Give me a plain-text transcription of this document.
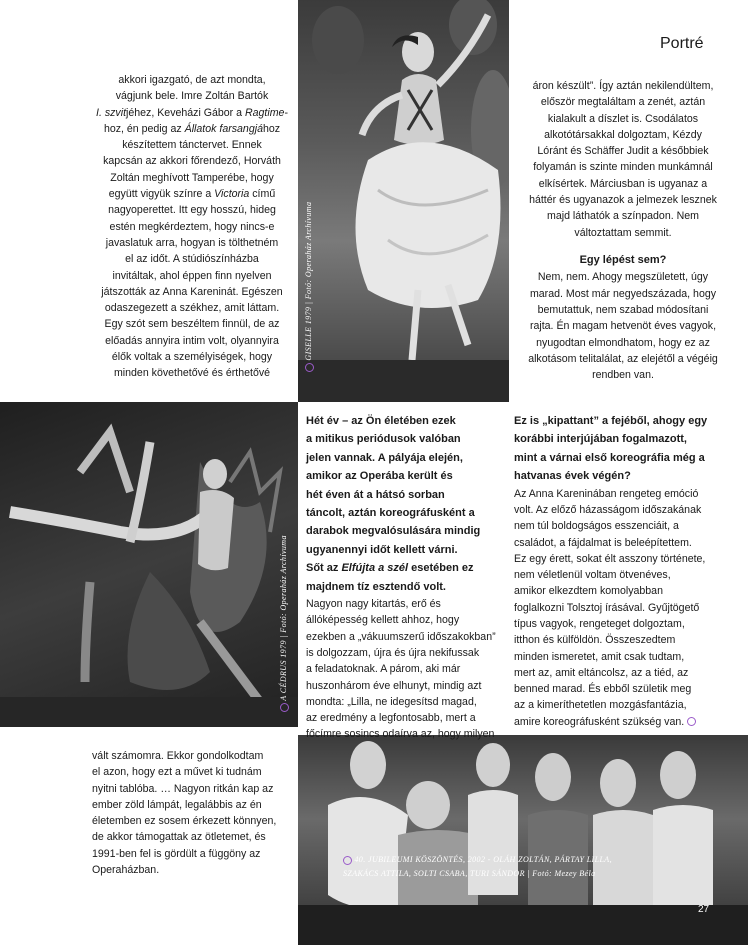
Portré
GISELLE 1979 | Fotó: Operaház Archívuma
A CÉDRUS 1979 | Fotó: Operaház Archívuma
40. JUBILEUMI KÖSZÖNTÉS, 2002 - OLÁH ZOLTÁN, PÁRTAY LILLA,
SZAKÁCS ATTILA, SOLTI CSABA, TURI SÁNDOR | Fotó: Mezey Béla
27

akkori igazgató, de azt mondta,

vágjunk bele. Imre Zoltán Bartók

I. szvitjéhez, Keveházi Gábor a Ragtime-

hoz, én pedig az Állatok farsangjához

készítettem tánctervet. Ennek

kapcsán az akkori főrendező, Horváth

Zoltán meghívott Tamperébe, hogy

együtt vigyük színre a Victoria című

nagyoperettet. Itt egy hosszú, hideg

estén megkérdeztem, hogy nincs-e

javaslatuk arra, hogyan is tölthetném

el az időt. A stúdiószínházba

invitáltak, ahol éppen finn nyelven

játszották az Anna Kareninát. Egészen

odaszegezett a székhez, amit láttam.

Egy szót sem beszéltem finnül, de az

előadás annyira intim volt, olyannyira

élők voltak a személyiségek, hogy

minden követhetővé és érthetővé

áron készült”. Így aztán nekilendültem,

először megtaláltam a zenét, aztán

kialakult a díszlet is. Csodálatos

alkotótársakkal dolgoztam, Kézdy

Lóránt és Schäffer Judit a későbbiek

folyamán is szinte minden munkámnál

elkísértek. Márciusban is ugyanaz a

háttér és ugyanazok a jelmezek lesznek

majd láthatók a színpadon. Nem

változtattam semmit.

Egy lépést sem?

Nem, nem. Ahogy megszületett, úgy

marad. Most már negyedszázada, hogy

bemutattuk, nem szabad módosítani

rajta. Én magam hetvenöt éves vagyok,

nyugodtan elmondhatom, hogy ez az

alkotásom telitalálat, az elejétől a végéig

rendben van.

Hét év – az Ön életében ezek

a mitikus periódusok valóban

jelen vannak. A pályája elején,

amikor az Operába került és

hét éven át a hátsó sorban

táncolt, aztán koreográfusként a

darabok megvalósulására mindig

ugyanennyi időt kellett várni.

Sőt az Elfújta a szél esetében ez

majdnem tíz esztendő volt.

Nagyon nagy kitartás, erő és

állóképesség kellett ahhoz, hogy

ezekben a „vákuumszerű időszakokban”

is dolgozzam, újra és újra nekifussak

a feladatoknak. A párom, aki már

huszonhárom éve elhunyt, mindig azt

mondta: „Lilla, ne idegesítsd magad,

az eredmény a legfontosabb, mert a

főcímre sosincs odaírva az, hogy milyen

Ez is „kipattant” a fejéből, ahogy egy

korábbi interjújában fogalmazott,

mint a várnai első koreográfia még a

hatvanas évek végén?

Az Anna Kareninában rengeteg emóció

volt. Az előző házasságom időszakának

nem túl boldogságos esszenciáit, a

családot, a fájdalmat is beleépítettem.

Ez egy érett, sokat élt asszony története,

nem véletlenül voltam ötvenéves,

amikor elkezdtem komolyabban

foglalkozni Tolsztoj írásával. Gyűjtögető

típus vagyok, rengeteget dolgoztam,

itthon és külföldön. Összeszedtem

minden ismeretet, amit csak tudtam,

mert az, amit eltáncolsz, az a tiéd, az

benned marad. És ebből születik meg

az a kimeríthetetlen mozgásfantázia,

amire koreográfusként szükség van.

vált számomra. Ekkor gondolkodtam

el azon, hogy ezt a művet ki tudnám

nyitni tablóba. … Nagyon ritkán kap az

ember zöld lámpát, legalábbis az én

életemben ez sosem érkezett könnyen,

de akkor támogattak az ötletemet, és

1991-ben fel is gördült a függöny az

Operaházban.
